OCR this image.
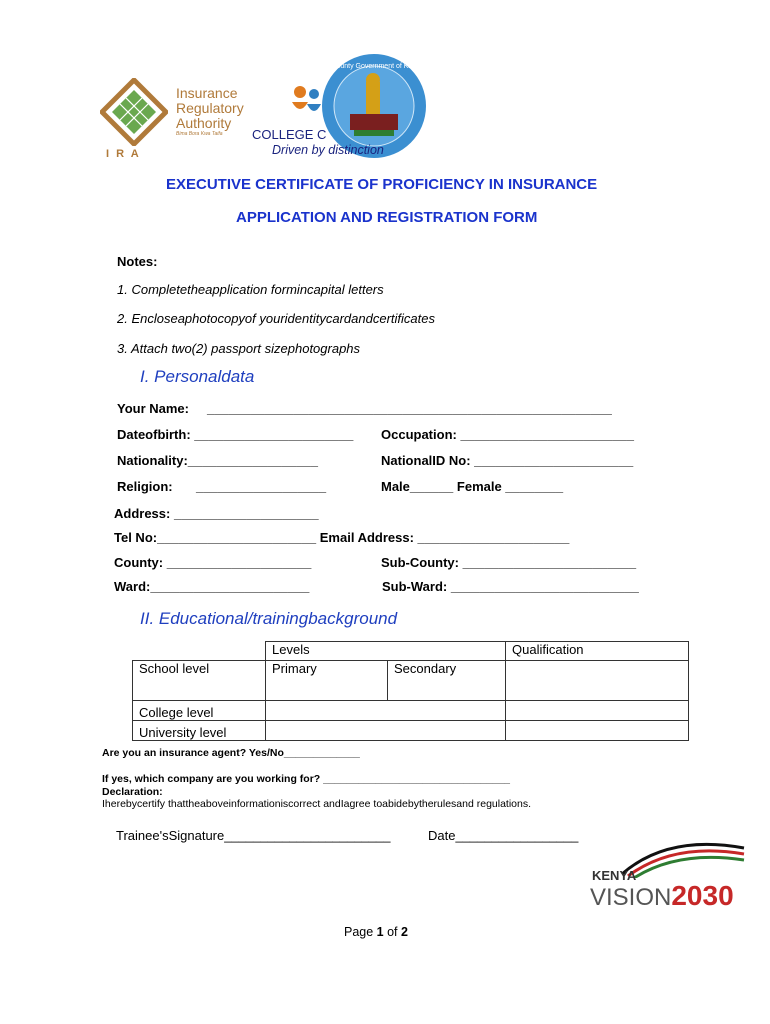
Insurance
Regulatory
Authority
Bima Bora Kwa Taifa
I R A
COLLEGE C
County Government of Kilifi
Driven by distinction
EXECUTIVE CERTIFICATE OF PROFICIENCY IN INSURANCE
APPLICATION AND REGISTRATION FORM
Notes:
1. Completetheapplication formincapital letters
2. Encloseaphotocopyof youridentitycardandcertificates
3. Attach two(2) passport sizephotographs
I. Personaldata
Your Name: ________________________________________________________
Dateofbirth: ______________________ Occupation: ________________________
Nationality:__________________	NationalID No: ______________________
Religion: __________________	Male______ Female ________
Address: ____________________
Tel No:______________________ Email Address: _____________________
County: ____________________	Sub-County: ________________________
Ward:______________________	Sub-Ward: __________________________
II. Educational/trainingbackground
	Levels		Qualification
School level	Primary	Secondary	
College level			
University level			
Are you an insurance agent? Yes/No_____________
If yes, which company are you working for? ________________________________
Declaration:
Iherebycertify thattheaboveinformationiscorrect andIagree toabidebytherulesand regulations.
Trainee'sSignature_______________________	Date_________________
KENYA
VISION2030
Page 1 of 2
